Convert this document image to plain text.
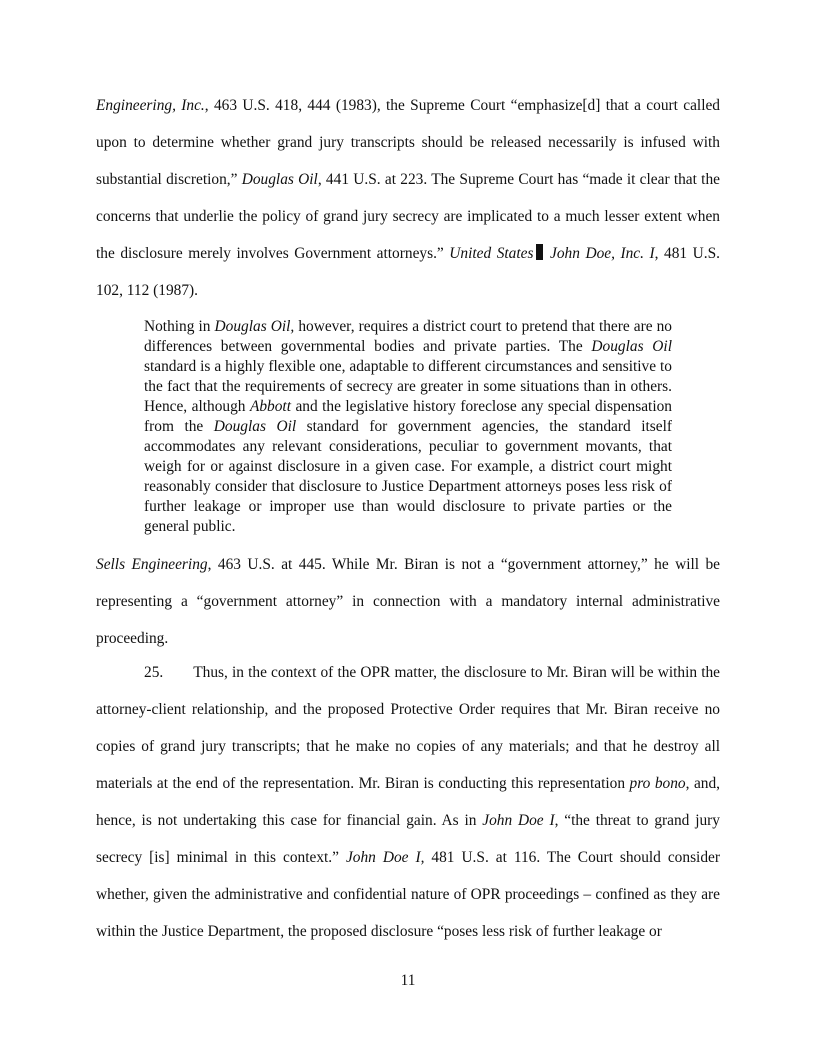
Engineering, Inc., 463 U.S. 418, 444 (1983), the Supreme Court “emphasize[d] that a court called upon to determine whether grand jury transcripts should be released necessarily is infused with substantial discretion,” Douglas Oil, 441 U.S. at 223. The Supreme Court has “made it clear that the concerns that underlie the policy of grand jury secrecy are implicated to a much lesser extent when the disclosure merely involves Government attorneys.” United States John Doe, Inc. I, 481 U.S. 102, 112 (1987).

Nothing in Douglas Oil, however, requires a district court to pretend that there are no differences between governmental bodies and private parties. The Douglas Oil standard is a highly flexible one, adaptable to different circumstances and sensitive to the fact that the requirements of secrecy are greater in some situations than in others. Hence, although Abbott and the legislative history foreclose any special dispensation from the Douglas Oil standard for government agencies, the standard itself accommodates any relevant considerations, peculiar to government movants, that weigh for or against disclosure in a given case. For example, a district court might reasonably consider that disclosure to Justice Department attorneys poses less risk of further leakage or improper use than would disclosure to private parties or the general public.

Sells Engineering, 463 U.S. at 445. While Mr. Biran is not a “government attorney,” he will be representing a “government attorney” in connection with a mandatory internal administrative proceeding.

25. Thus, in the context of the OPR matter, the disclosure to Mr. Biran will be within the attorney-client relationship, and the proposed Protective Order requires that Mr. Biran receive no copies of grand jury transcripts; that he make no copies of any materials; and that he destroy all materials at the end of the representation. Mr. Biran is conducting this representation pro bono, and, hence, is not undertaking this case for financial gain. As in John Doe I, “the threat to grand jury secrecy [is] minimal in this context.” John Doe I, 481 U.S. at 116. The Court should consider whether, given the administrative and confidential nature of OPR proceedings – confined as they are within the Justice Department, the proposed disclosure “poses less risk of further leakage or

11
